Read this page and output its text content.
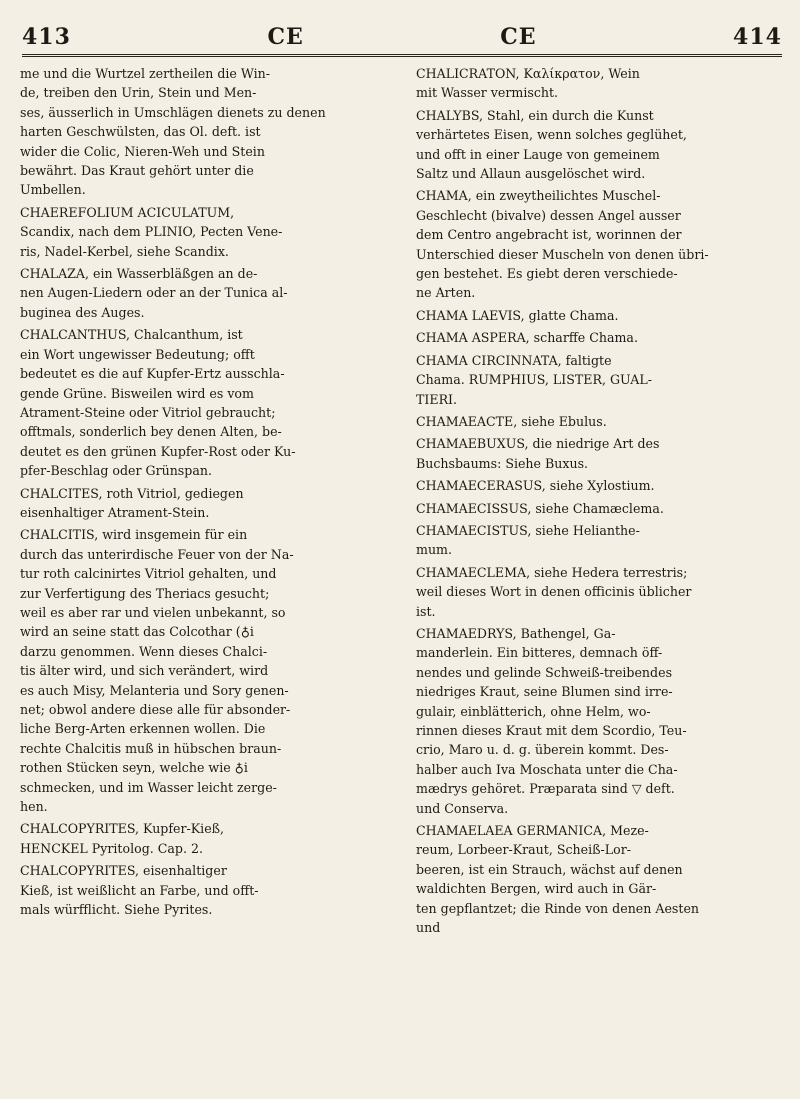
413	CE	CE	414

me und die Wurtzel zertheilen die Win-
de, treiben den Urin, Stein und Men-
ses, äusserlich in Umschlägen dienets zu denen
harten Geschwülsten, das Ol. deft. ist
wider die Colic, Nieren-Weh und Stein
bewährt. Das Kraut gehört unter die
Umbellen.

CHAEREFOLIUM ACICULATUM,
Scandix, nach dem PLINIO, Pecten Vene-
ris, Nadel-Kerbel, siehe Scandix.

CHALAZA, ein Wasserbläßgen an de-
nen Augen-Liedern oder an der Tunica al-
buginea des Auges.

CHALCANTHUS, Chalcanthum, ist
ein Wort ungewisser Bedeutung; offt
bedeutet es die auf Kupfer-Ertz ausschla-
gende Grüne. Bisweilen wird es vom
Atrament-Steine oder Vitriol gebraucht;
offtmals, sonderlich bey denen Alten, be-
deutet es den grünen Kupfer-Rost oder Ku-
pfer-Beschlag oder Grünspan.

CHALCITES, roth Vitriol, gediegen
eisenhaltiger Atrament-Stein.

CHALCITIS, wird insgemein für ein
durch das unterirdische Feuer von der Na-
tur roth calcinirtes Vitriol gehalten, und
zur Verfertigung des Theriacs gesucht;
weil es aber rar und vielen unbekannt, so
wird an seine statt das Colcothar (♁i
darzu genommen. Wenn dieses Chalci-
tis älter wird, und sich verändert, wird
es auch Misy, Melanteria und Sory genen-
net; obwol andere diese alle für absonder-
liche Berg-Arten erkennen wollen. Die
rechte Chalcitis muß in hübschen braun-
rothen Stücken seyn, welche wie ♁i
schmecken, und im Wasser leicht zerge-
hen.

CHALCOPYRITES, Kupfer-Kieß,
HENCKEL Pyritolog. Cap. 2.

CHALCOPYRITES, eisenhaltiger
Kieß, ist weißlicht an Farbe, und offt-
mals würfflicht. Siehe Pyrites.

CHALICRATON, Καλίκρατον, Wein
mit Wasser vermischt.

CHALYBS, Stahl, ein durch die Kunst
verhärtetes Eisen, wenn solches geglühet,
und offt in einer Lauge von gemeinem
Saltz und Allaun ausgelöschet wird.

CHAMA, ein zweytheilichtes Muschel-
Geschlecht (bivalve) dessen Angel ausser
dem Centro angebracht ist, worinnen der
Unterschied dieser Muscheln von denen übri-
gen bestehet. Es giebt deren verschiede-
ne Arten.

CHAMA LAEVIS, glatte Chama.

CHAMA ASPERA, scharffe Chama.

CHAMA CIRCINNATA, faltigte
Chama. RUMPHIUS, LISTER, GUAL-
TIERI.

CHAMAEACTE, siehe Ebulus.

CHAMAEBUXUS, die niedrige Art des
Buchsbaums: Siehe Buxus.

CHAMAECERASUS, siehe Xylostium.

CHAMAECISSUS, siehe Chamæclema.

CHAMAECISTUS, siehe Helianthe-
mum.

CHAMAECLEMA, siehe Hedera terrestris;
weil dieses Wort in denen officinis üblicher
ist.

CHAMAEDRYS, Bathengel, Ga-
manderlein. Ein bitteres, demnach öff-
nendes und gelinde Schweiß-treibendes
niedriges Kraut, seine Blumen sind irre-
gulair, einblätterich, ohne Helm, wo-
rinnen dieses Kraut mit dem Scordio, Teu-
crio, Maro u. d. g. überein kommt. Des-
halber auch Iva Moschata unter die Cha-
mædrys gehöret. Præparata sind ▽ deft.
und Conserva.

CHAMAELAEA GERMANICA, Meze-
reum, Lorbeer-Kraut, Scheiß-Lor-
beeren, ist ein Strauch, wächst auf denen
waldichten Bergen, wird auch in Gär-
ten gepflantzet; die Rinde von denen Aesten
und
